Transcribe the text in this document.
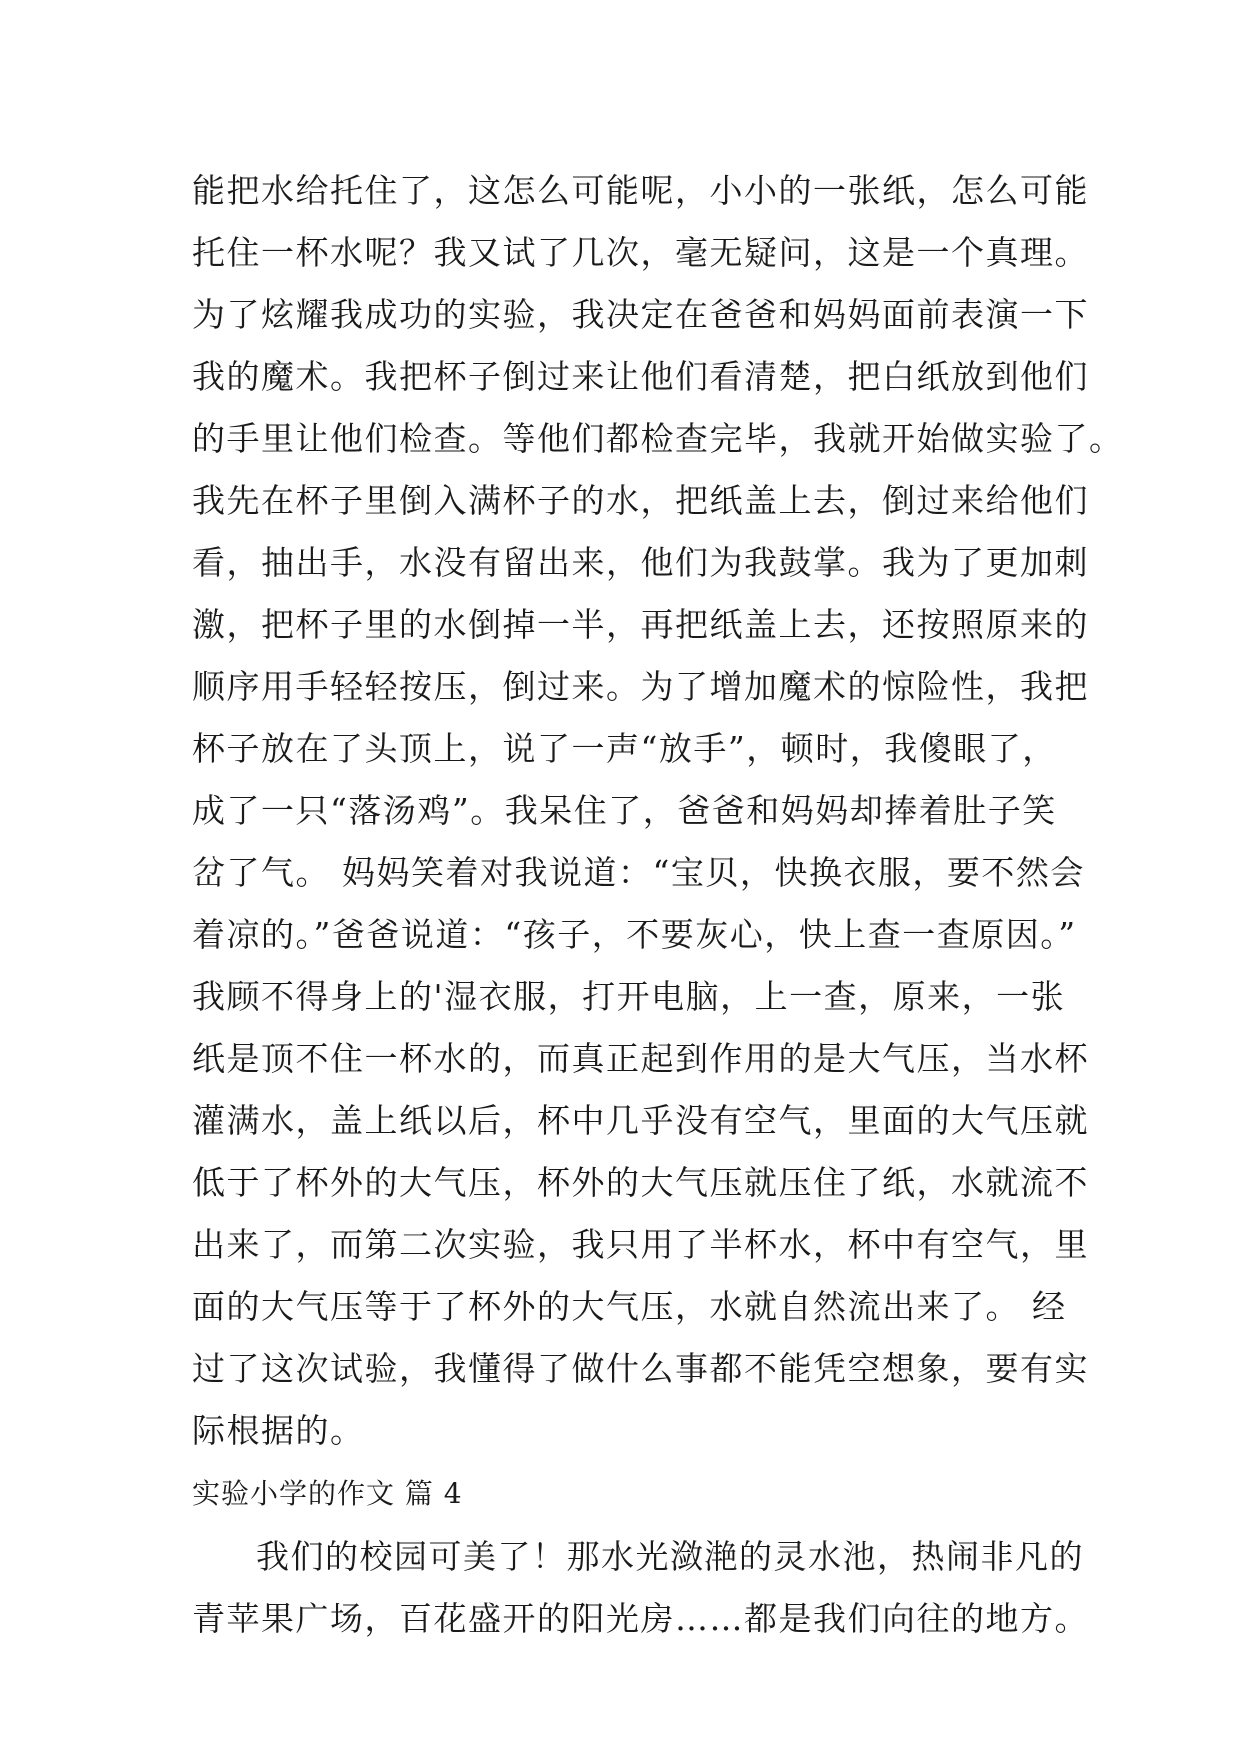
能把水给托住了，这怎么可能呢，小小的一张纸，怎么可能
托住一杯水呢？我又试了几次，毫无疑问，这是一个真理。
为了炫耀我成功的实验，我决定在爸爸和妈妈面前表演一下
我的魔术。我把杯子倒过来让他们看清楚，把白纸放到他们
的手里让他们检查。等他们都检查完毕，我就开始做实验了。
我先在杯子里倒入满杯子的水，把纸盖上去，倒过来给他们
看，抽出手，水没有留出来，他们为我鼓掌。我为了更加刺
激，把杯子里的水倒掉一半，再把纸盖上去，还按照原来的
顺序用手轻轻按压，倒过来。为了增加魔术的惊险性，我把
杯子放在了头顶上，说了一声“放手”，顿时，我傻眼了，
成了一只“落汤鸡”。我呆住了，爸爸和妈妈却捧着肚子笑
岔了气。 妈妈笑着对我说道：“宝贝，快换衣服，要不然会
着凉的。”爸爸说道：“孩子，不要灰心，快上查一查原因。”
我顾不得身上的'湿衣服，打开电脑，上一查，原来，一张
纸是顶不住一杯水的，而真正起到作用的是大气压，当水杯
灌满水，盖上纸以后，杯中几乎没有空气，里面的大气压就
低于了杯外的大气压，杯外的大气压就压住了纸，水就流不
出来了，而第二次实验，我只用了半杯水，杯中有空气，里
面的大气压等于了杯外的大气压，水就自然流出来了。 经
过了这次试验，我懂得了做什么事都不能凭空想象，要有实
际根据的。
实验小学的作文 篇 4
我们的校园可美了！那水光潋滟的灵水池，热闹非凡的
青苹果广场，百花盛开的阳光房……都是我们向往的地方。
